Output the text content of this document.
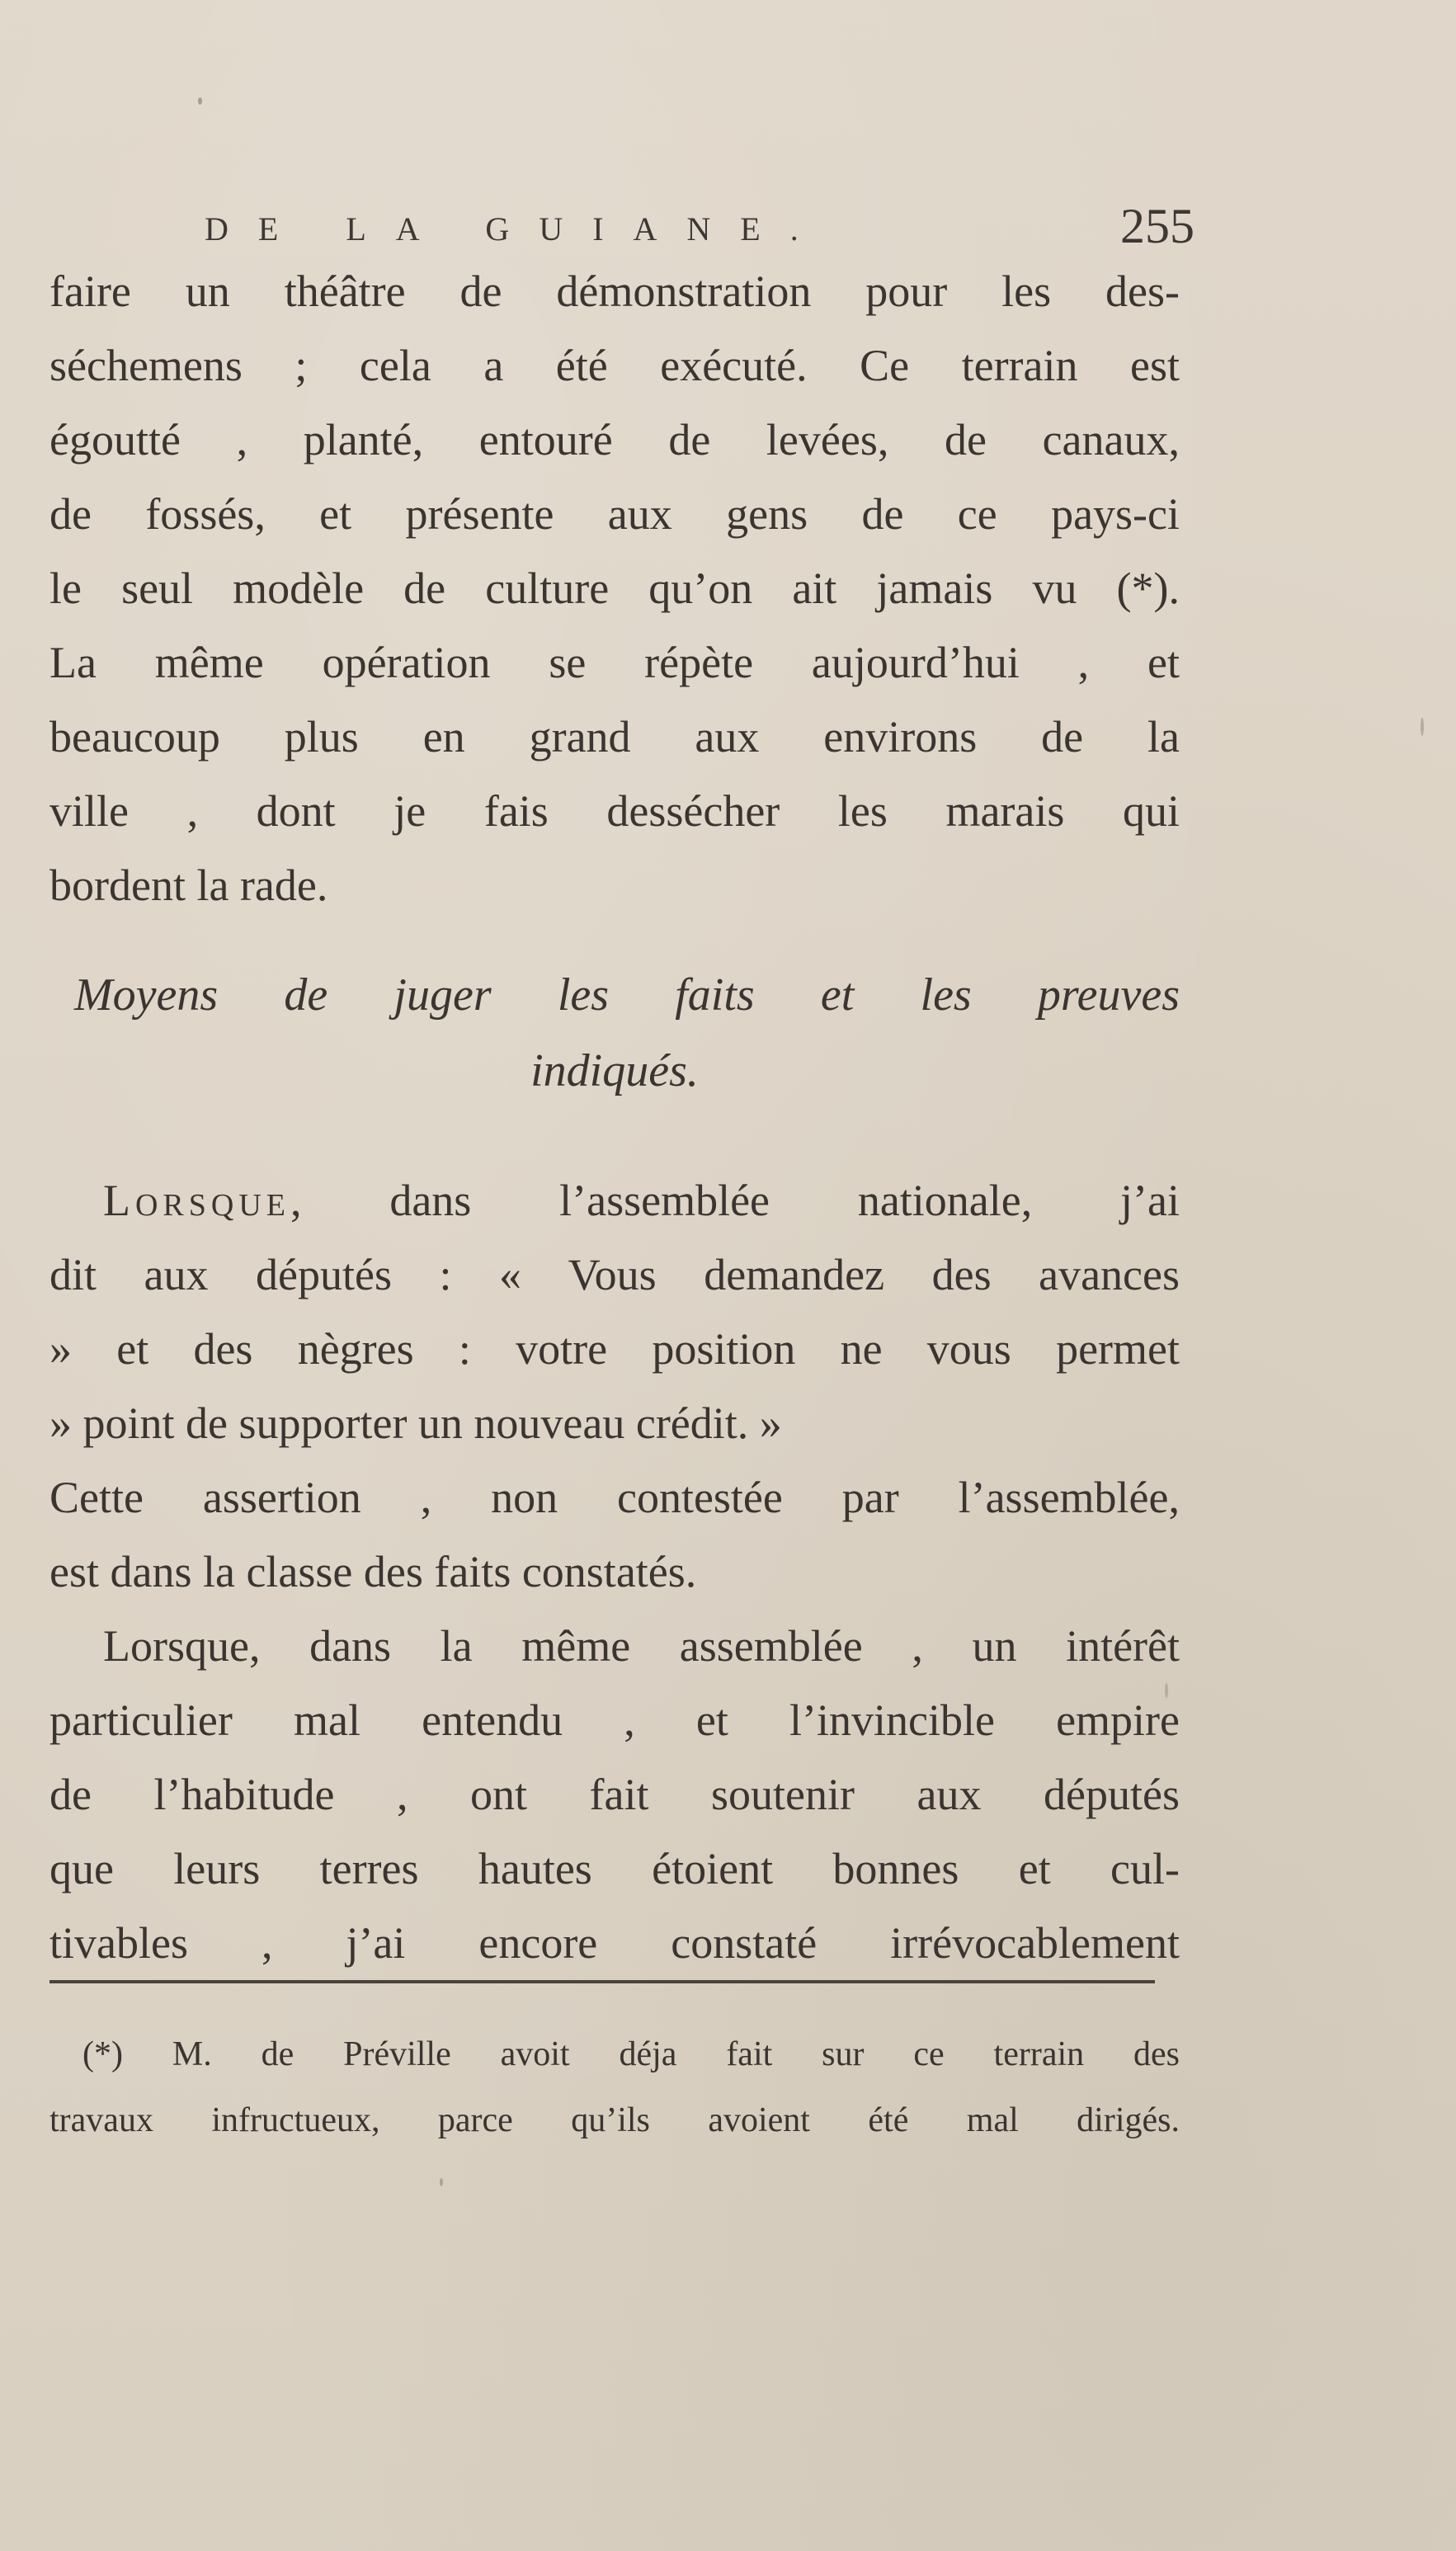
DE LA GUIANE.	255
faire un théâtre de démonstration pour les des-
séchemens ; cela a été exécuté. Ce terrain est
égoutté , planté, entouré de levées, de canaux,
de fossés, et présente aux gens de ce pays-ci
le seul modèle de culture qu’on ait jamais vu (*).
La même opération se répète aujourd’hui , et
beaucoup plus en grand aux environs de la
ville , dont je fais dessécher les marais qui
bordent la rade.
Moyens de juger les faits et les preuves
indiqués.
Lorsque, dans l’assemblée nationale, j’ai
dit aux députés : « Vous demandez des avances
» et des nègres : votre position ne vous permet
» point de supporter un nouveau crédit. »
Cette assertion , non contestée par l’assemblée,
est dans la classe des faits constatés.
Lorsque, dans la même assemblée , un intérêt
particulier mal entendu , et l’invincible empire
de l’habitude , ont fait soutenir aux députés
que leurs terres hautes étoient bonnes et cul-
tivables , j’ai encore constaté irrévocablement
(*) M. de Préville avoit déja fait sur ce terrain des
travaux infructueux, parce qu’ils avoient été mal dirigés.
